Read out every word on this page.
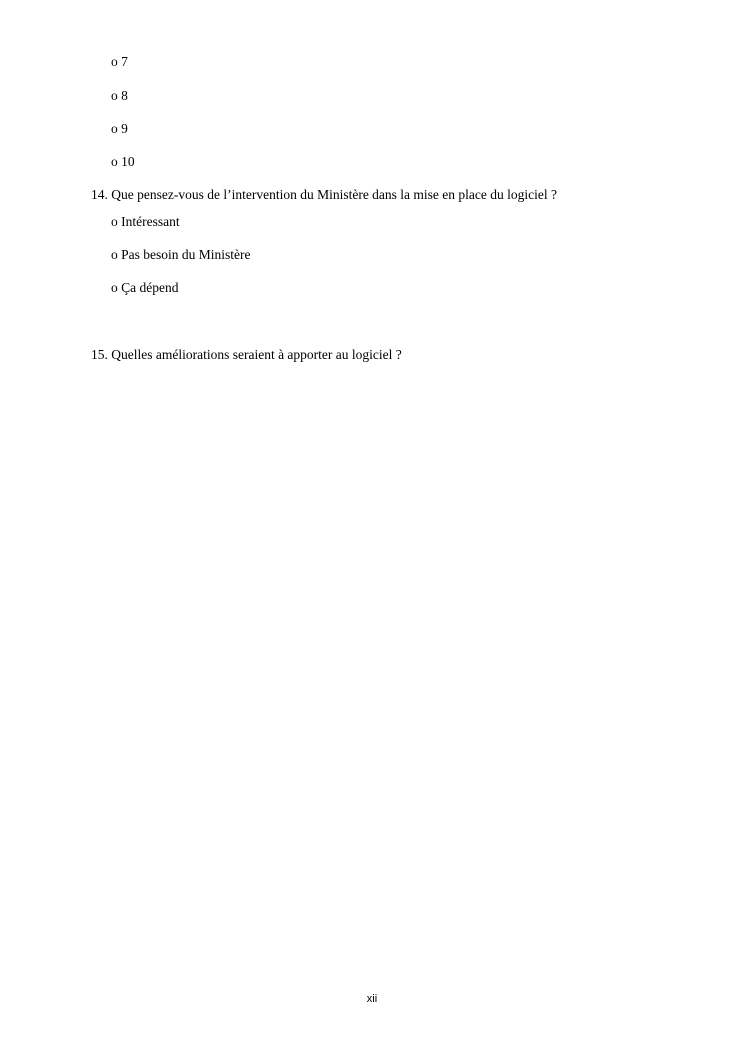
o 7
o 8
o 9
o 10
14. Que pensez-vous de l’intervention du Ministère dans la mise en place du logiciel ?
o Intéressant
o Pas besoin du Ministère
o Ça dépend
15. Quelles améliorations seraient à apporter au logiciel ?
xii
